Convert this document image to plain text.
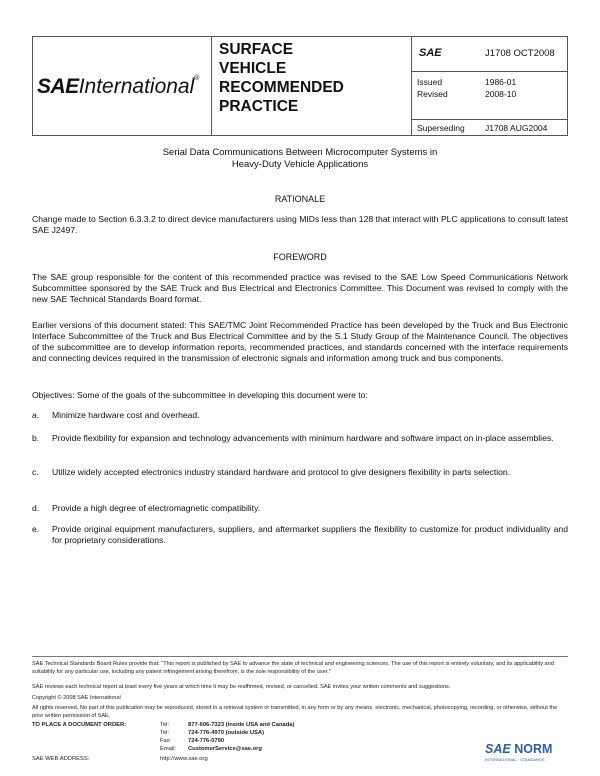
SAEInternational®
SURFACE
VEHICLE
RECOMMENDED
PRACTICE
SAE	J1708 OCT2008
Issued	1986-01
Revised	2008-10
Superseding J1708 AUG2004
Serial Data Communications Between Microcomputer Systems in
Heavy-Duty Vehicle Applications
RATIONALE
Change made to Section 6.3.3.2 to direct device manufacturers using MIDs less than 128 that interact with PLC applications to consult latest SAE J2497.
FOREWORD
The SAE group responsible for the content of this recommended practice was revised to the SAE Low Speed Communications Network Subcommittee sponsored by the SAE Truck and Bus Electrical and Electronics Committee. This Document was revised to comply with the new SAE Technical Standards Board format.
Earlier versions of this document stated: This SAE/TMC Joint Recommended Practice has been developed by the Truck and Bus Electronic Interface Subcommittee of the Truck and Bus Electrical Committee and by the S.1 Study Group of the Maintenance Council. The objectives of the subcommittee are to develop information reports, recommended practices, and standards concerned with the interface requirements and connecting devices required in the transmission of electronic signals and information among truck and bus components.
Objectives: Some of the goals of the subcommittee in developing this document were to:
a. Minimize hardware cost and overhead.
b. Provide flexibility for expansion and technology advancements with minimum hardware and software impact on in-place assemblies.
c. Utilize widely accepted electronics industry standard hardware and protocol to give designers flexibility in parts selection.
d. Provide a high degree of electromagnetic compatibility.
e. Provide original equipment manufacturers, suppliers, and aftermarket suppliers the flexibility to customize for product individuality and for proprietary considerations.
SAE Technical Standards Board Rules provide that: "This report is published by SAE to advance the state of technical and engineering sciences. The use of this report is entirely voluntary, and its applicability and suitability for any particular use, including any patent infringement arising therefrom, is the sole responsibility of the user."
SAE reviews each technical report at least every five years at which time it may be reaffirmed, revised, or cancelled. SAE invites your written comments and suggestions.
Copyright © 2008 SAE International
All rights reserved. No part of this publication may be reproduced, stored in a retrieval system or transmitted, in any form or by any means, electronic, mechanical, photocopying, recording, or otherwise, without the prior written permission of SAE.
TO PLACE A DOCUMENT ORDER:	Tel:	877-606-7323 (inside USA and Canada)
Tel:	724-776-4970 (outside USA)
Fax:	724-776-0790
Email: CustomerService@sae.org
SAE WEB ADDRESS:	http://www.sae.org
SAE NORM
INTERNATIONAL · STANDARDS
